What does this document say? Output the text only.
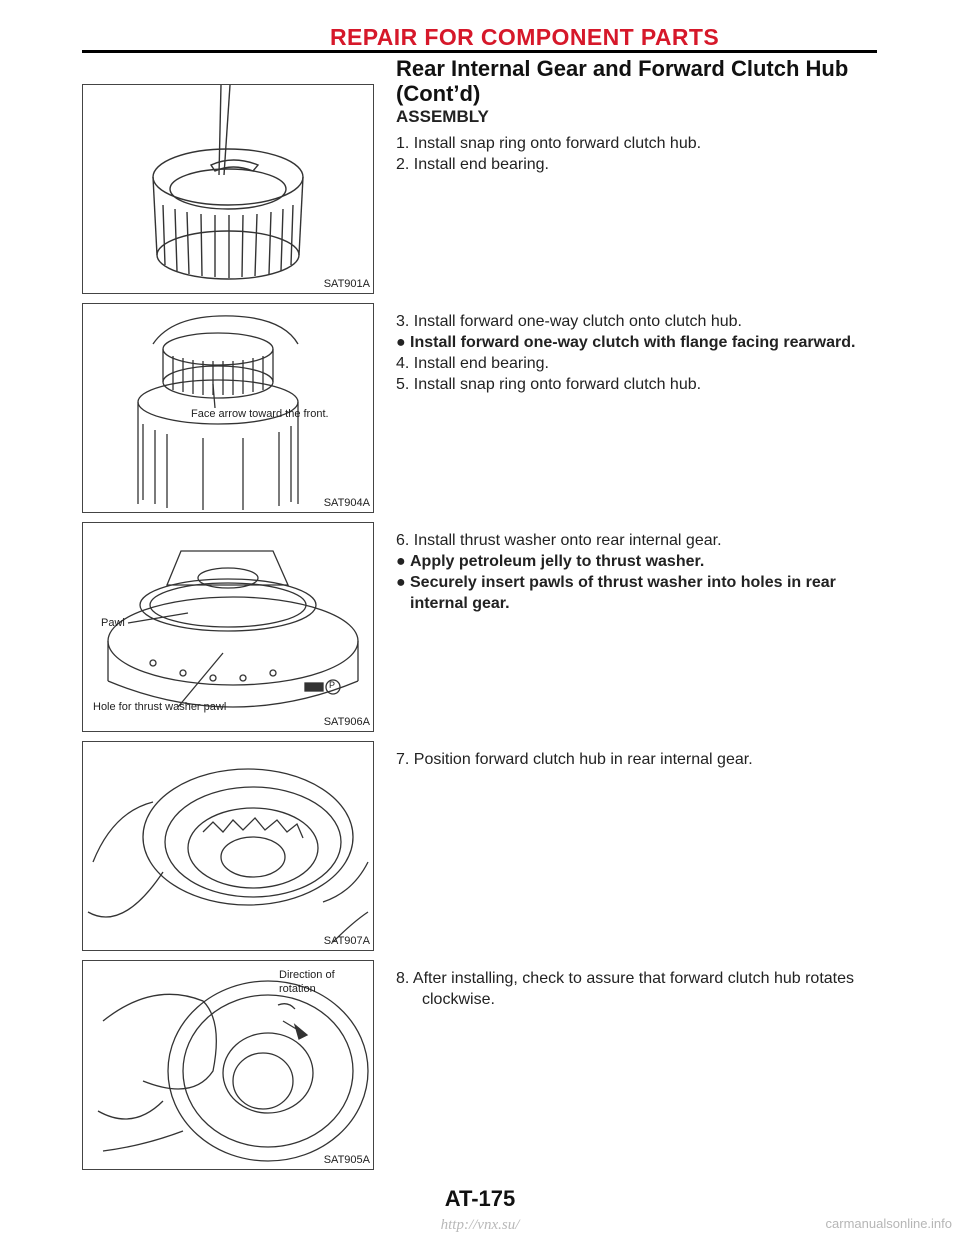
REPAIR FOR COMPONENT PARTS
Rear Internal Gear and Forward Clutch Hub
(Cont’d)
SAT901A
Face arrow toward the front.
SAT904A
Pawl
Hole for thrust washer pawl
P
SAT906A
SAT907A
Direction of
rotation
SAT905A
ASSEMBLY
1. Install snap ring onto forward clutch hub.
2. Install end bearing.
3. Install forward one-way clutch onto clutch hub.
● Install forward one-way clutch with flange facing rearward.
4. Install end bearing.
5. Install snap ring onto forward clutch hub.
6. Install thrust washer onto rear internal gear.
● Apply petroleum jelly to thrust washer.
● Securely insert pawls of thrust washer into holes in rear internal gear.
7. Position forward clutch hub in rear internal gear.
8. After installing, check to assure that forward clutch hub rotates clockwise.
AT-175
http://vnx.su/	carmanualsonline.info
